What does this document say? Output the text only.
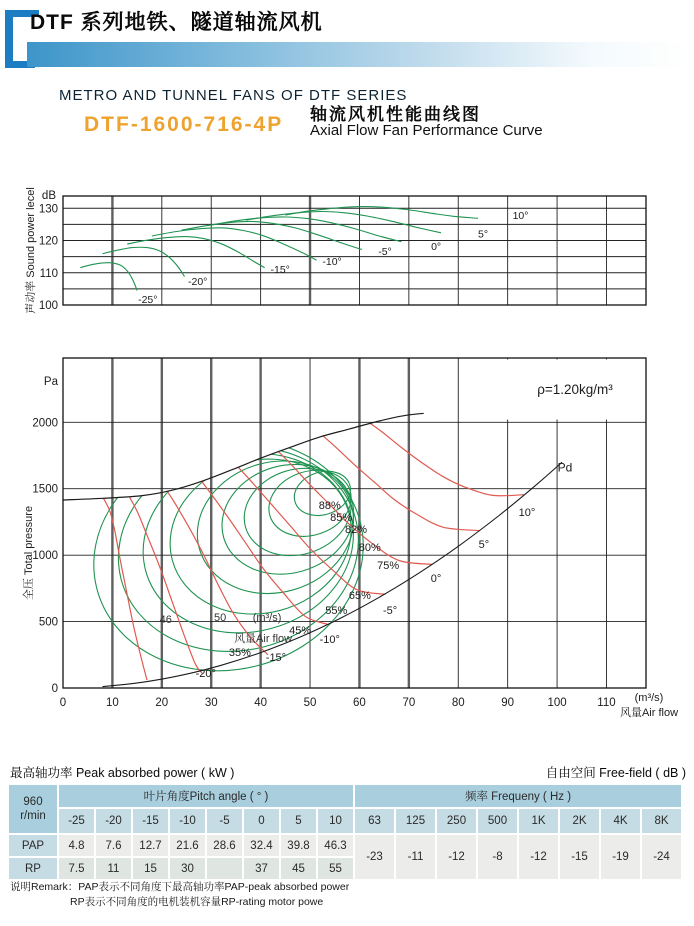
DTF 系列地铁、隧道轴流风机
METRO AND TUNNEL FANS OF DTF SERIES
DTF-1600-716-4P 轴流风机性能曲线图
Axial Flow Fan Performance Curve
-25°
-20°
-15°
-10°
-5°	0°
5°
10°
100
110
120
130
dB
声动率 Sound power lecel
ρ=1.20kg/m³
35%
45%
55%
65%
75%
80%
82%
85%
88%
-20°
-15°
-10°
-5°
0°
5°
10°
Pd
46	50 (m³/s)
风量Air flow
0
500
1000
1500
2000
Pa
全压 Total pressure
0	10	20	30	40	50	60	70	80	90	100	110 (m³/s)
风量Air flow
最高轴功率 Peak absorbed power ( kW )	自由空间 Free-field ( dB )
960
r/min	叶片角度Pitch angle ( ° )								频率 Frequeny ( Hz )							
	-25	-20	-15	-10	-5	0	5	10	63	125	250	500	1K	2K	4K	8K
PAP	4.8	7.6	12.7	21.6	28.6	32.4	39.8	46.3	-23	-11	-12	-8	-12	-15	-19	-24
RP	7.5	11	15	30		37	45	55								
说明Remark：PAP表示不同角度下最高轴功率PAP-peak absorbed power
RP表示不同角度的电机装机容量RP-rating motor powe
